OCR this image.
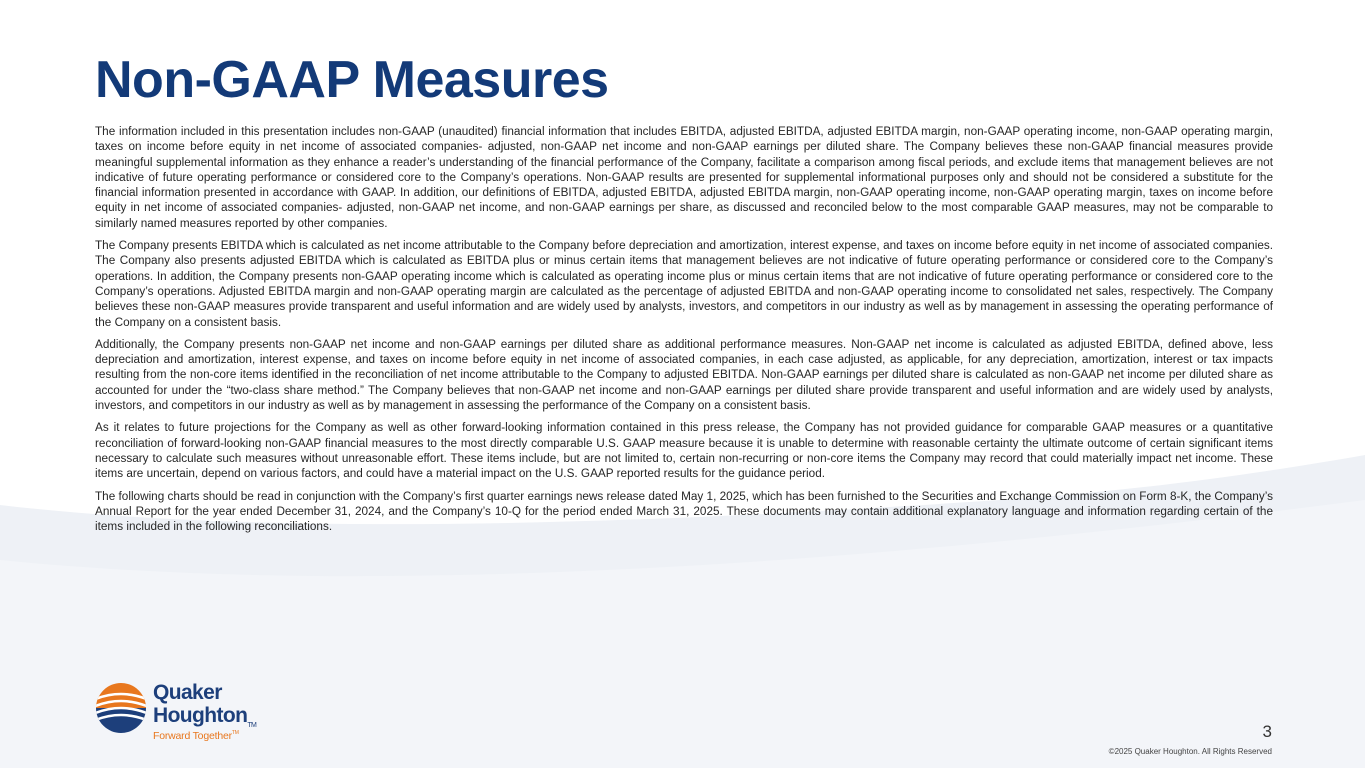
Non-GAAP Measures

The information included in this presentation includes non-GAAP (unaudited) financial information that includes EBITDA, adjusted EBITDA, adjusted EBITDA margin, non-GAAP operating income, non-GAAP operating margin, taxes on income before equity in net income of associated companies- adjusted, non-GAAP net income and non-GAAP earnings per diluted share. The Company believes these non-GAAP financial measures provide meaningful supplemental information as they enhance a reader’s understanding of the financial performance of the Company, facilitate a comparison among fiscal periods, and exclude items that management believes are not indicative of future operating performance or considered core to the Company’s operations. Non-GAAP results are presented for supplemental informational purposes only and should not be considered a substitute for the financial information presented in accordance with GAAP. In addition, our definitions of EBITDA, adjusted EBITDA, adjusted EBITDA margin, non-GAAP operating income, non-GAAP operating margin, taxes on income before equity in net income of associated companies- adjusted, non-GAAP net income, and non-GAAP earnings per share, as discussed and reconciled below to the most comparable GAAP measures, may not be comparable to similarly named measures reported by other companies.

The Company presents EBITDA which is calculated as net income attributable to the Company before depreciation and amortization, interest expense, and taxes on income before equity in net income of associated companies. The Company also presents adjusted EBITDA which is calculated as EBITDA plus or minus certain items that management believes are not indicative of future operating performance or considered core to the Company’s operations. In addition, the Company presents non-GAAP operating income which is calculated as operating income plus or minus certain items that are not indicative of future operating performance or considered core to the Company’s operations. Adjusted EBITDA margin and non-GAAP operating margin are calculated as the percentage of adjusted EBITDA and non-GAAP operating income to consolidated net sales, respectively. The Company believes these non-GAAP measures provide transparent and useful information and are widely used by analysts, investors, and competitors in our industry as well as by management in assessing the operating performance of the Company on a consistent basis.

Additionally, the Company presents non-GAAP net income and non-GAAP earnings per diluted share as additional performance measures. Non-GAAP net income is calculated as adjusted EBITDA, defined above, less depreciation and amortization, interest expense, and taxes on income before equity in net income of associated companies, in each case adjusted, as applicable, for any depreciation, amortization, interest or tax impacts resulting from the non-core items identified in the reconciliation of net income attributable to the Company to adjusted EBITDA. Non-GAAP earnings per diluted share is calculated as non-GAAP net income per diluted share as accounted for under the “two-class share method.” The Company believes that non-GAAP net income and non-GAAP earnings per diluted share provide transparent and useful information and are widely used by analysts, investors, and competitors in our industry as well as by management in assessing the performance of the Company on a consistent basis.

As it relates to future projections for the Company as well as other forward-looking information contained in this press release, the Company has not provided guidance for comparable GAAP measures or a quantitative reconciliation of forward-looking non-GAAP financial measures to the most directly comparable U.S. GAAP measure because it is unable to determine with reasonable certainty the ultimate outcome of certain significant items necessary to calculate such measures without unreasonable effort. These items include, but are not limited to, certain non-recurring or non-core items the Company may record that could materially impact net income. These items are uncertain, depend on various factors, and could have a material impact on the U.S. GAAP reported results for the guidance period.

The following charts should be read in conjunction with the Company’s first quarter earnings news release dated May 1, 2025, which has been furnished to the Securities and Exchange Commission on Form 8-K, the Company’s Annual Report for the year ended December 31, 2024, and the Company’s 10-Q for the period ended March 31, 2025. These documents may contain additional explanatory language and information regarding certain of the items included in the following reconciliations.

Quaker
Houghton™
Forward Together™	3
©2025 Quaker Houghton. All Rights Reserved
